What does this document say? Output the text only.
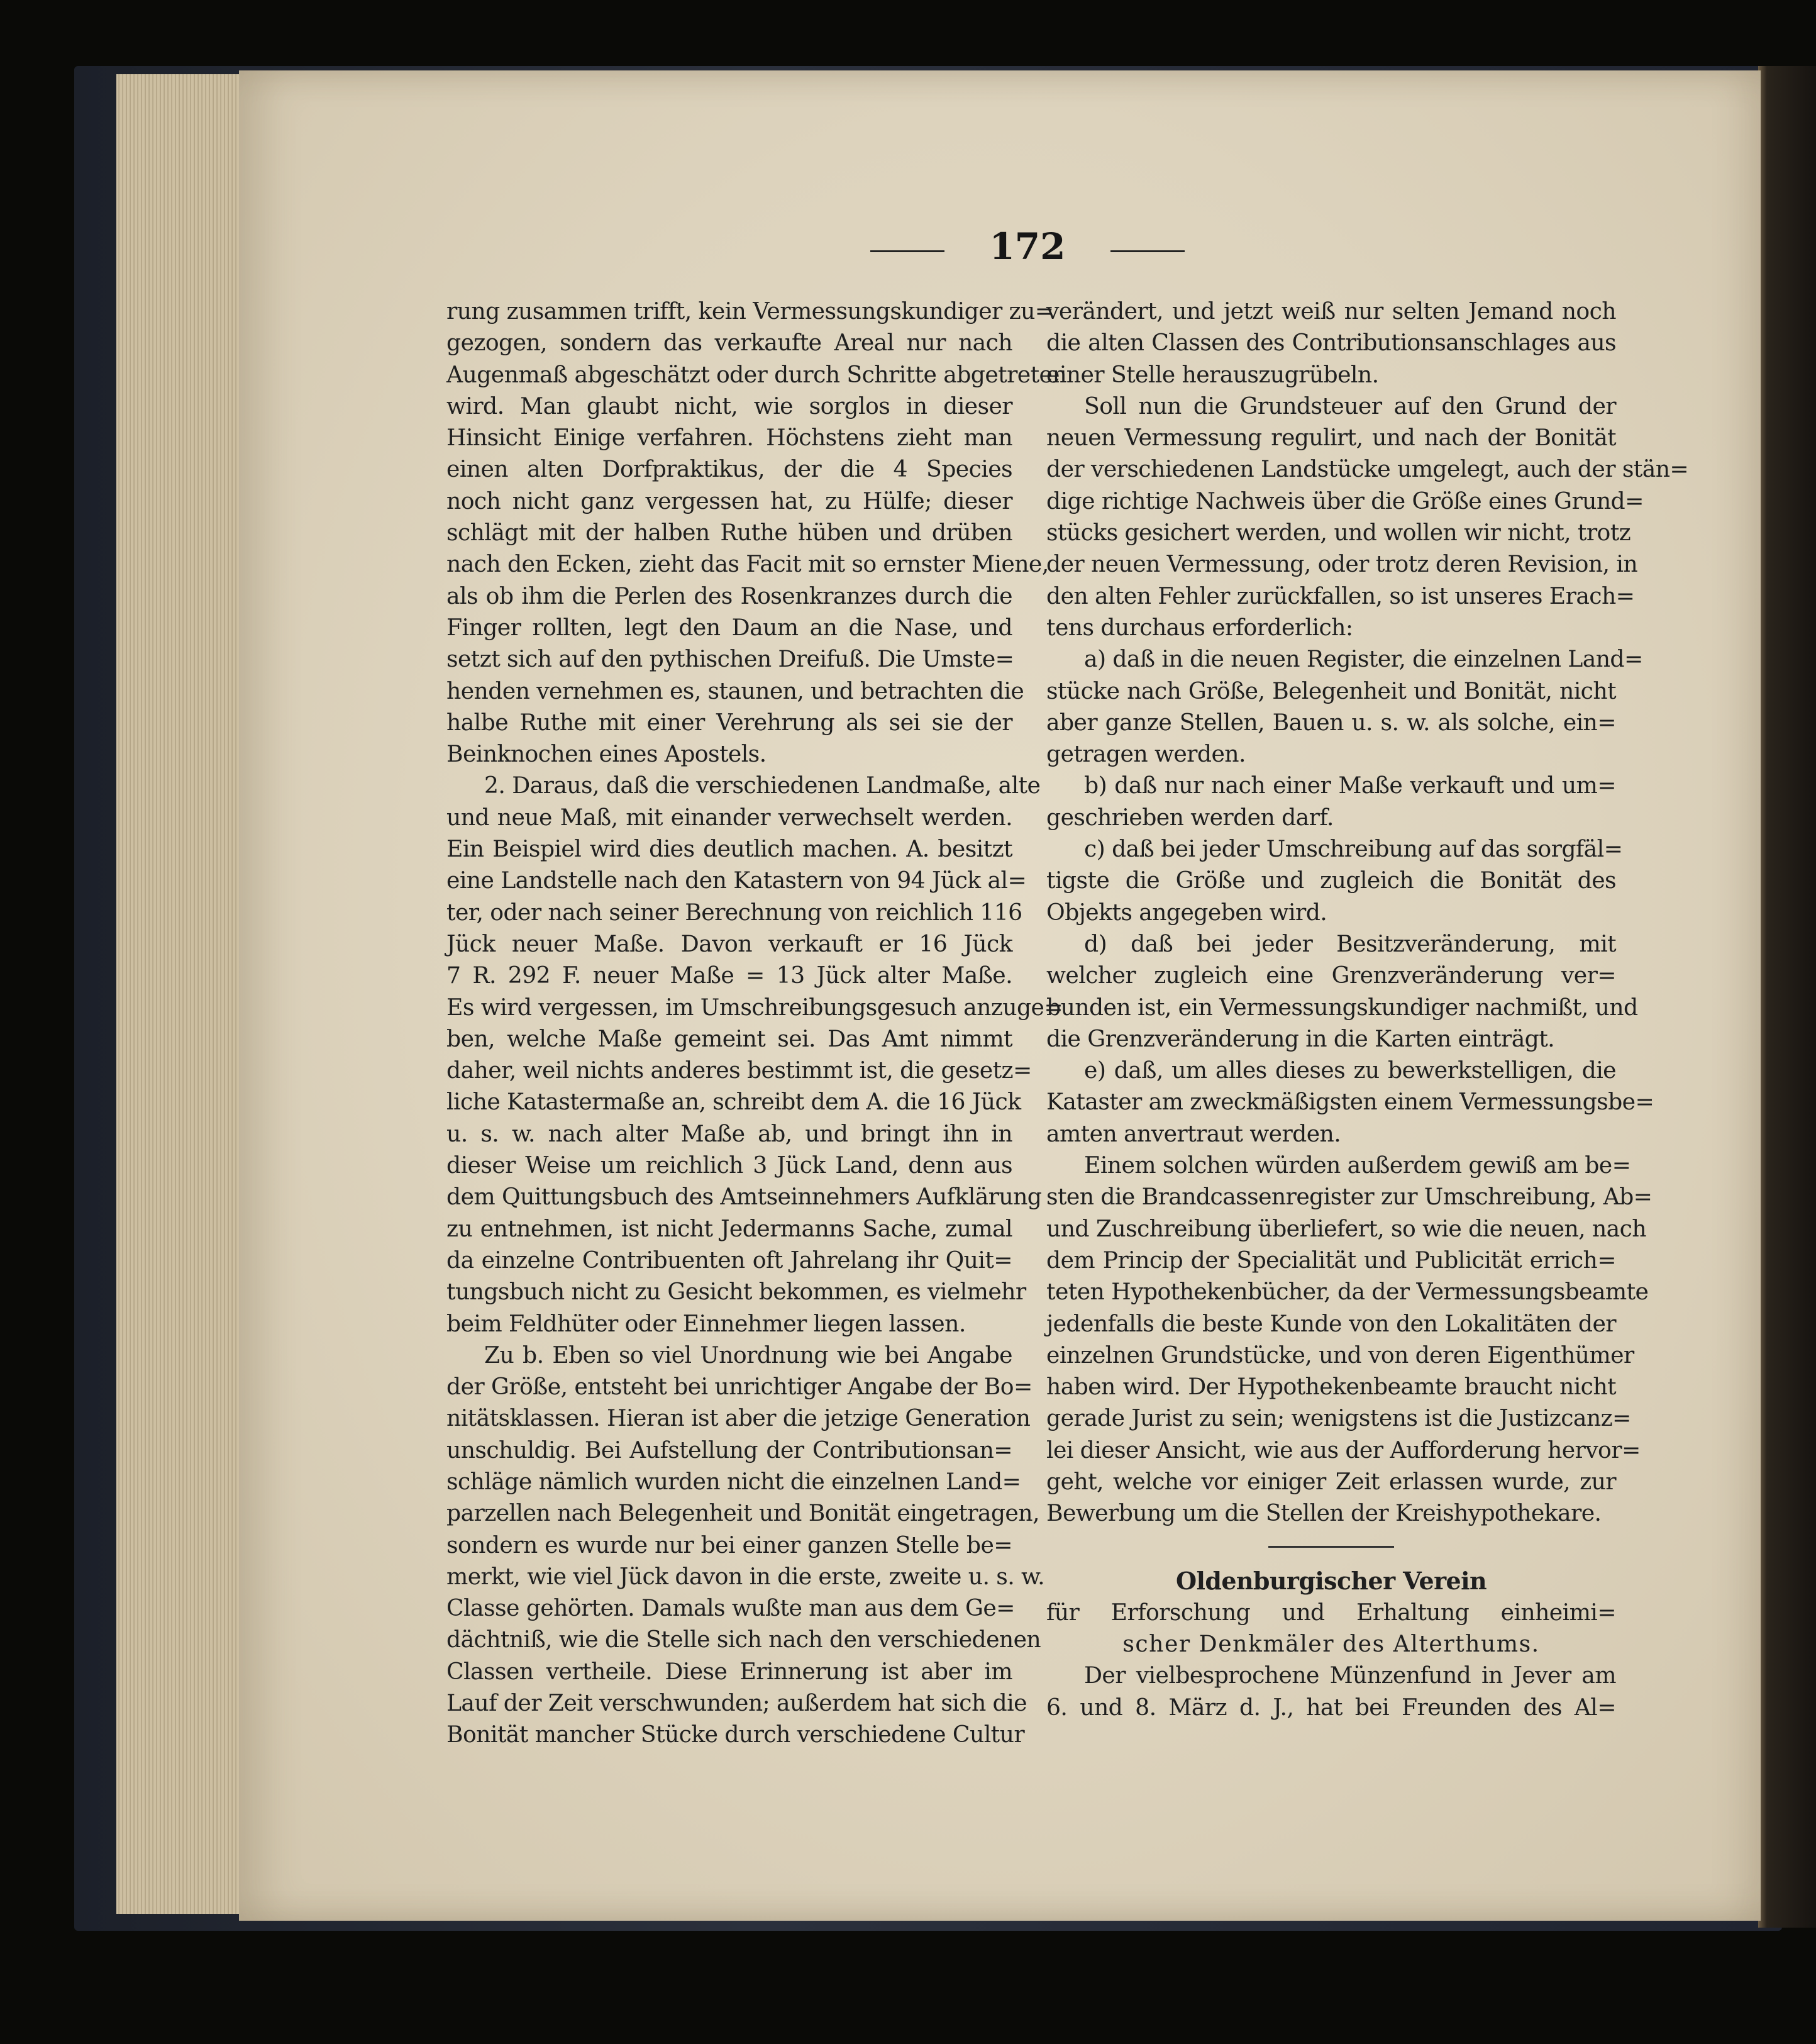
172
rung zusammen trifft, kein Vermessungskundiger zu=
gezogen, sondern das verkaufte Areal nur nach
Augenmaß abgeschätzt oder durch Schritte abgetreten
wird. Man glaubt nicht, wie sorglos in dieser
Hinsicht Einige verfahren. Höchstens zieht man
einen alten Dorfpraktikus, der die 4 Species
noch nicht ganz vergessen hat, zu Hülfe; dieser
schlägt mit der halben Ruthe hüben und drüben
nach den Ecken, zieht das Facit mit so ernster Miene,
als ob ihm die Perlen des Rosenkranzes durch die
Finger rollten, legt den Daum an die Nase, und
setzt sich auf den pythischen Dreifuß. Die Umste=
henden vernehmen es, staunen, und betrachten die
halbe Ruthe mit einer Verehrung als sei sie der
Beinknochen eines Apostels.
2. Daraus, daß die verschiedenen Landmaße, alte
und neue Maß, mit einander verwechselt werden.
Ein Beispiel wird dies deutlich machen. A. besitzt
eine Landstelle nach den Katastern von 94 Jück al=
ter, oder nach seiner Berechnung von reichlich 116
Jück neuer Maße. Davon verkauft er 16 Jück
7 R. 292 F. neuer Maße = 13 Jück alter Maße.
Es wird vergessen, im Umschreibungsgesuch anzuge=
ben, welche Maße gemeint sei. Das Amt nimmt
daher, weil nichts anderes bestimmt ist, die gesetz=
liche Katastermaße an, schreibt dem A. die 16 Jück
u. s. w. nach alter Maße ab, und bringt ihn in
dieser Weise um reichlich 3 Jück Land, denn aus
dem Quittungsbuch des Amtseinnehmers Aufklärung
zu entnehmen, ist nicht Jedermanns Sache, zumal
da einzelne Contribuenten oft Jahrelang ihr Quit=
tungsbuch nicht zu Gesicht bekommen, es vielmehr
beim Feldhüter oder Einnehmer liegen lassen.
Zu b. Eben so viel Unordnung wie bei Angabe
der Größe, entsteht bei unrichtiger Angabe der Bo=
nitätsklassen. Hieran ist aber die jetzige Generation
unschuldig. Bei Aufstellung der Contributionsan=
schläge nämlich wurden nicht die einzelnen Land=
parzellen nach Belegenheit und Bonität eingetragen,
sondern es wurde nur bei einer ganzen Stelle be=
merkt, wie viel Jück davon in die erste, zweite u. s. w.
Classe gehörten. Damals wußte man aus dem Ge=
dächtniß, wie die Stelle sich nach den verschiedenen
Classen vertheile. Diese Erinnerung ist aber im
Lauf der Zeit verschwunden; außerdem hat sich die
Bonität mancher Stücke durch verschiedene Cultur
verändert, und jetzt weiß nur selten Jemand noch
die alten Classen des Contributionsanschlages aus
einer Stelle herauszugrübeln.
Soll nun die Grundsteuer auf den Grund der
neuen Vermessung regulirt, und nach der Bonität
der verschiedenen Landstücke umgelegt, auch der stän=
dige richtige Nachweis über die Größe eines Grund=
stücks gesichert werden, und wollen wir nicht, trotz
der neuen Vermessung, oder trotz deren Revision, in
den alten Fehler zurückfallen, so ist unseres Erach=
tens durchaus erforderlich:
a) daß in die neuen Register, die einzelnen Land=
stücke nach Größe, Belegenheit und Bonität, nicht
aber ganze Stellen, Bauen u. s. w. als solche, ein=
getragen werden.
b) daß nur nach einer Maße verkauft und um=
geschrieben werden darf.
c) daß bei jeder Umschreibung auf das sorgfäl=
tigste die Größe und zugleich die Bonität des
Objekts angegeben wird.
d) daß bei jeder Besitzveränderung, mit
welcher zugleich eine Grenzveränderung ver=
bunden ist, ein Vermessungskundiger nachmißt, und
die Grenzveränderung in die Karten einträgt.
e) daß, um alles dieses zu bewerkstelligen, die
Kataster am zweckmäßigsten einem Vermessungsbe=
amten anvertraut werden.
Einem solchen würden außerdem gewiß am be=
sten die Brandcassenregister zur Umschreibung, Ab=
und Zuschreibung überliefert, so wie die neuen, nach
dem Princip der Specialität und Publicität errich=
teten Hypothekenbücher, da der Vermessungsbeamte
jedenfalls die beste Kunde von den Lokalitäten der
einzelnen Grundstücke, und von deren Eigenthümer
haben wird. Der Hypothekenbeamte braucht nicht
gerade Jurist zu sein; wenigstens ist die Justizcanz=
lei dieser Ansicht, wie aus der Aufforderung hervor=
geht, welche vor einiger Zeit erlassen wurde, zur
Bewerbung um die Stellen der Kreishypothekare.
Oldenburgischer Verein
für Erforschung und Erhaltung einheimi=
scher Denkmäler des Alterthums.
Der vielbesprochene Münzenfund in Jever am
6. und 8. März d. J., hat bei Freunden des Al=
